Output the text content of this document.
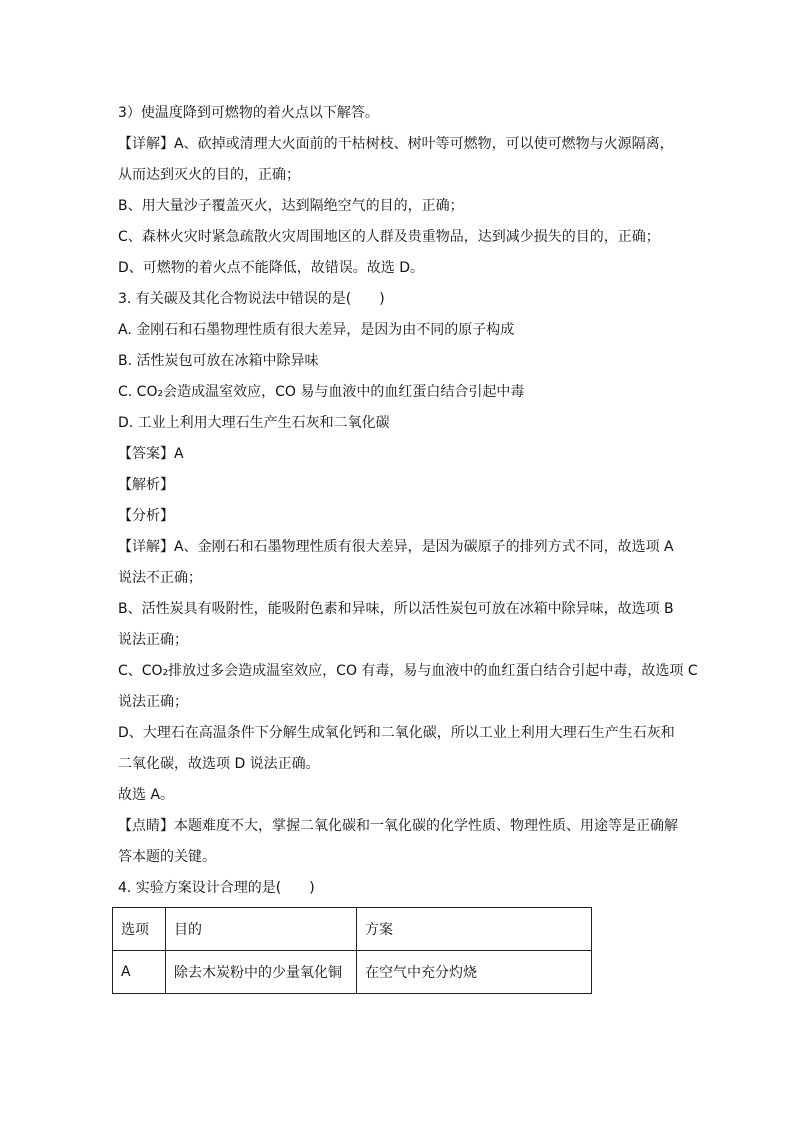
3）使温度降到可燃物的着火点以下解答。
【详解】A、砍掉或清理大火面前的干枯树枝、树叶等可燃物，可以使可燃物与火源隔离，
从而达到灭火的目的，正确；
B、用大量沙子覆盖灭火，达到隔绝空气的目的，正确；
C、森林火灾时紧急疏散火灾周围地区的人群及贵重物品，达到减少损失的目的，正确；
D、可燃物的着火点不能降低，故错误。故选 D。
3. 有关碳及其化合物说法中错误的是(　　)
A. 金刚石和石墨物理性质有很大差异，是因为由不同的原子构成
B. 活性炭包可放在冰箱中除异味
C. CO₂会造成温室效应，CO 易与血液中的血红蛋白结合引起中毒
D. 工业上利用大理石生产生石灰和二氧化碳
【答案】A
【解析】
【分析】
【详解】A、金刚石和石墨物理性质有很大差异，是因为碳原子的排列方式不同，故选项 A
说法不正确；
B、活性炭具有吸附性，能吸附色素和异味，所以活性炭包可放在冰箱中除异味，故选项 B
说法正确；
C、CO₂排放过多会造成温室效应，CO 有毒，易与血液中的血红蛋白结合引起中毒，故选项 C
说法正确；
D、大理石在高温条件下分解生成氧化钙和二氧化碳，所以工业上利用大理石生产生石灰和
二氧化碳，故选项 D 说法正确。
故选 A。
【点睛】本题难度不大，掌握二氧化碳和一氧化碳的化学性质、物理性质、用途等是正确解
答本题的关键。
4. 实验方案设计合理的是(　　)
选项	目的	方案
A	除去木炭粉中的少量氧化铜	在空气中充分灼烧
